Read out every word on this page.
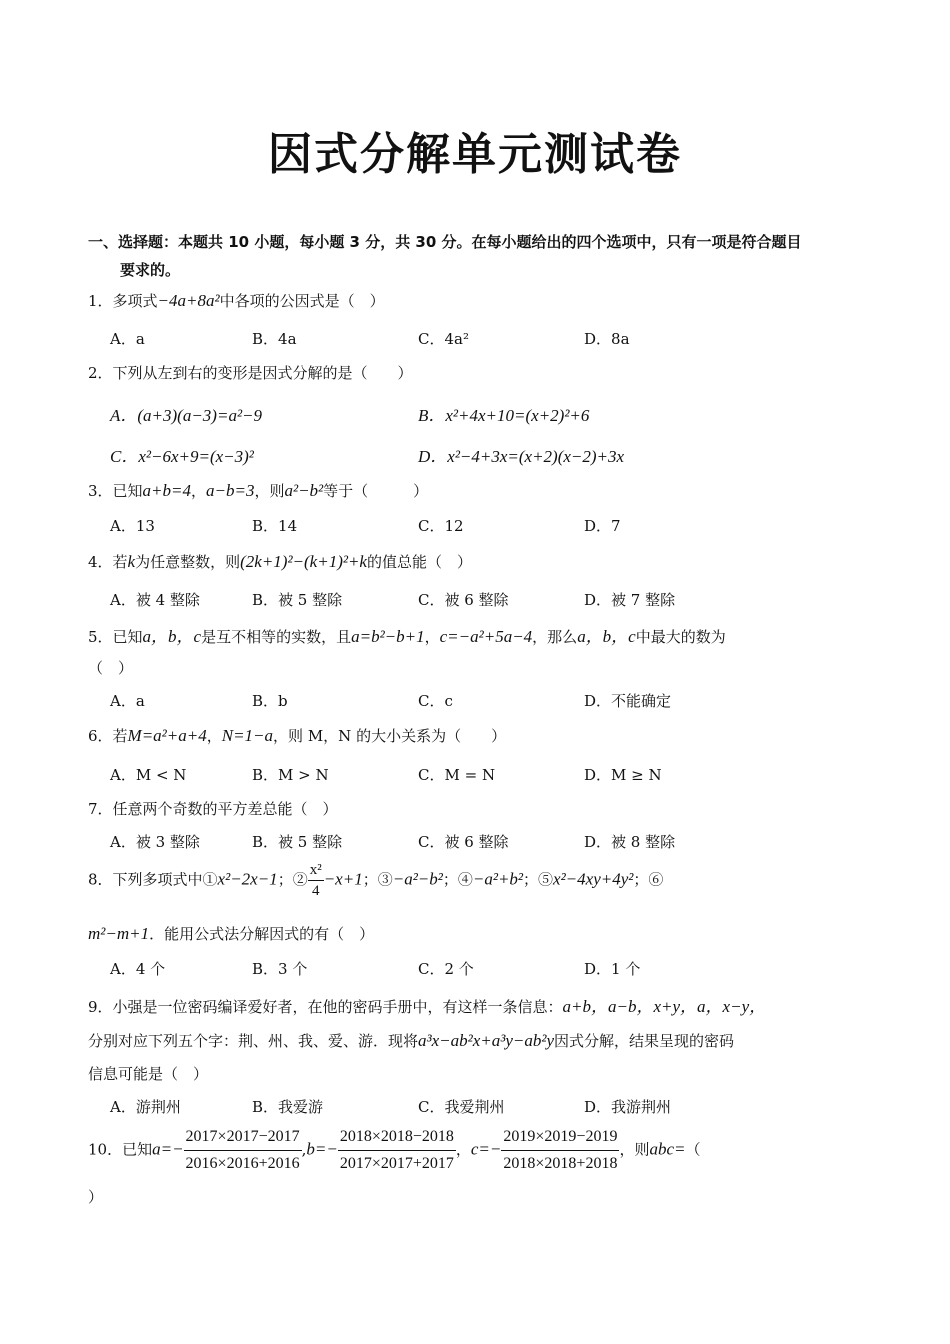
因式分解单元测试卷
一、选择题：本题共 10 小题，每小题 3 分，共 30 分。在每小题给出的四个选项中，只有一项是符合题目
要求的。
1．多项式−4a+8a²中各项的公因式是（　）
A．a	B．4a	C．4a²	D．8a
2．下列从左到右的变形是因式分解的是（　　）
A．(a+3)(a−3)=a²−9	B．x²+4x+10=(x+2)²+6
C．x²−6x+9=(x−3)²	D．x²−4+3x=(x+2)(x−2)+3x
3．已知a+b=4，a−b=3，则a²−b²等于（　　　）
A．13	B．14	C．12	D．7
4．若k为任意整数，则(2k+1)²−(k+1)²+k的值总能（　）
A．被 4 整除	B．被 5 整除	C．被 6 整除	D．被 7 整除
5．已知a，b，c是互不相等的实数，且a=b²−b+1，c=−a²+5a−4，那么a，b，c中最大的数为
（　）
A．a	B．b	C．c	D．不能确定
6．若M=a²+a+4，N=1−a，则 M，N 的大小关系为（　　）
A．M < N	B．M > N	C．M = N	D．M ≥ N
7．任意两个奇数的平方差总能（　）
A．被 3 整除	B．被 5 整除	C．被 6 整除	D．被 8 整除
8．下列多项式中①x²−2x−1；② $\frac{\text{x²}}{4} -x+1$；③−a²−b²；④−a²+b²；⑤x²−4xy+4y²；⑥
m²−m+1．能用公式法分解因式的有（　）
A．4 个	B．3 个	C．2 个	D．1 个
9．小强是一位密码编译爱好者，在他的密码手册中，有这样一条信息：a+b，a−b，x+y，a，x−y，
分别对应下列五个字：荆、州、我、爱、游．现将a³x−ab²x+a³y−ab²y因式分解，结果呈现的密码
信息可能是（　）
A．游荆州	B．我爱游	C．我爱荆州	D．我游荆州
10．已知$a=- \frac{2017\times 2017-2017}{2016\times 2016+2016} ,b=- \frac{2018\times 2018-2018}{2017\times 2017+2017}$ ，$c=- \frac{2019\times 2019-2019}{2018\times 2018+2018}$ ，则abc=（
）
